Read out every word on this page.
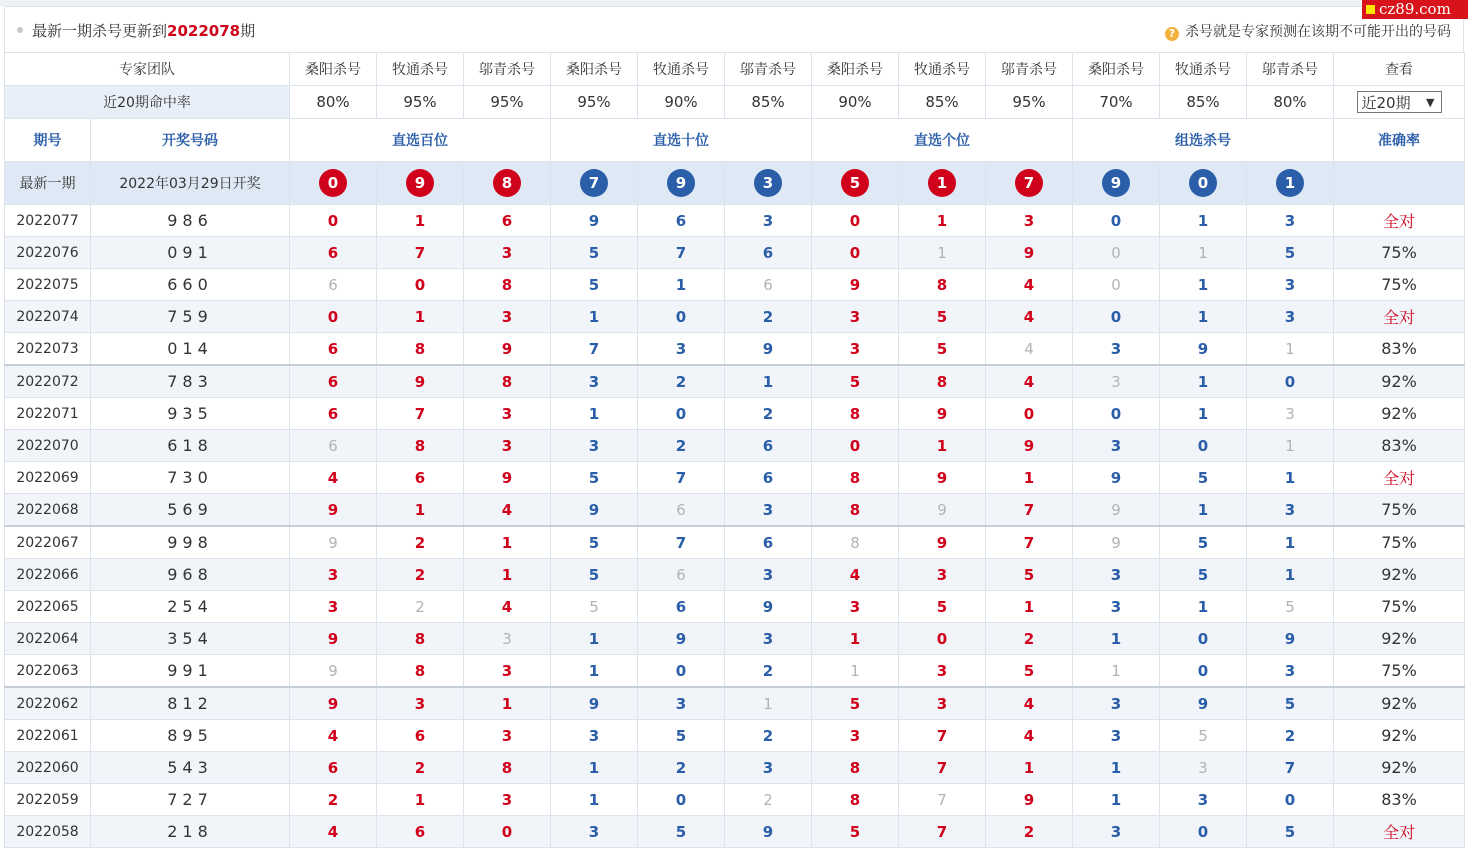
最新一期杀号更新到2022078期	? 杀号就是专家预测在该期不可能开出的号码
cz89.com
专家团队		桑阳杀号	牧通杀号	邬青杀号	桑阳杀号	牧通杀号	邬青杀号	桑阳杀号	牧通杀号	邬青杀号	桑阳杀号	牧通杀号	邬青杀号	查看
近20期命中率		80%	95%	95%	95%	90%	85%	90%	85%	95%	70%	85%	80%	近20期 ▼

期号	开奖号码	直选百位			直选十位			直选个位			组选杀号			准确率
最新一期	2022年03月29日开奖	0	9	8	7	9	3	5	1	7	9	0	1	
2022077	986	0	1	6	9	6	3	0	1	3	0	1	3	全对
2022076	091	6	7	3	5	7	6	0	1	9	0	1	5	75%
2022075	660	6	0	8	5	1	6	9	8	4	0	1	3	75%
2022074	759	0	1	3	1	0	2	3	5	4	0	1	3	全对
2022073	014	6	8	9	7	3	9	3	5	4	3	9	1	83%
2022072	783	6	9	8	3	2	1	5	8	4	3	1	0	92%
2022071	935	6	7	3	1	0	2	8	9	0	0	1	3	92%
2022070	618	6	8	3	3	2	6	0	1	9	3	0	1	83%
2022069	730	4	6	9	5	7	6	8	9	1	9	5	1	全对
2022068	569	9	1	4	9	6	3	8	9	7	9	1	3	75%
2022067	998	9	2	1	5	7	6	8	9	7	9	5	1	75%
2022066	968	3	2	1	5	6	3	4	3	5	3	5	1	92%
2022065	254	3	2	4	5	6	9	3	5	1	3	1	5	75%
2022064	354	9	8	3	1	9	3	1	0	2	1	0	9	92%
2022063	991	9	8	3	1	0	2	1	3	5	1	0	3	75%
2022062	812	9	3	1	9	3	1	5	3	4	3	9	5	92%
2022061	895	4	6	3	3	5	2	3	7	4	3	5	2	92%
2022060	543	6	2	8	1	2	3	8	7	1	1	3	7	92%
2022059	727	2	1	3	1	0	2	8	7	9	1	3	0	83%
2022058	218	4	6	0	3	5	9	5	7	2	3	0	5	全对
